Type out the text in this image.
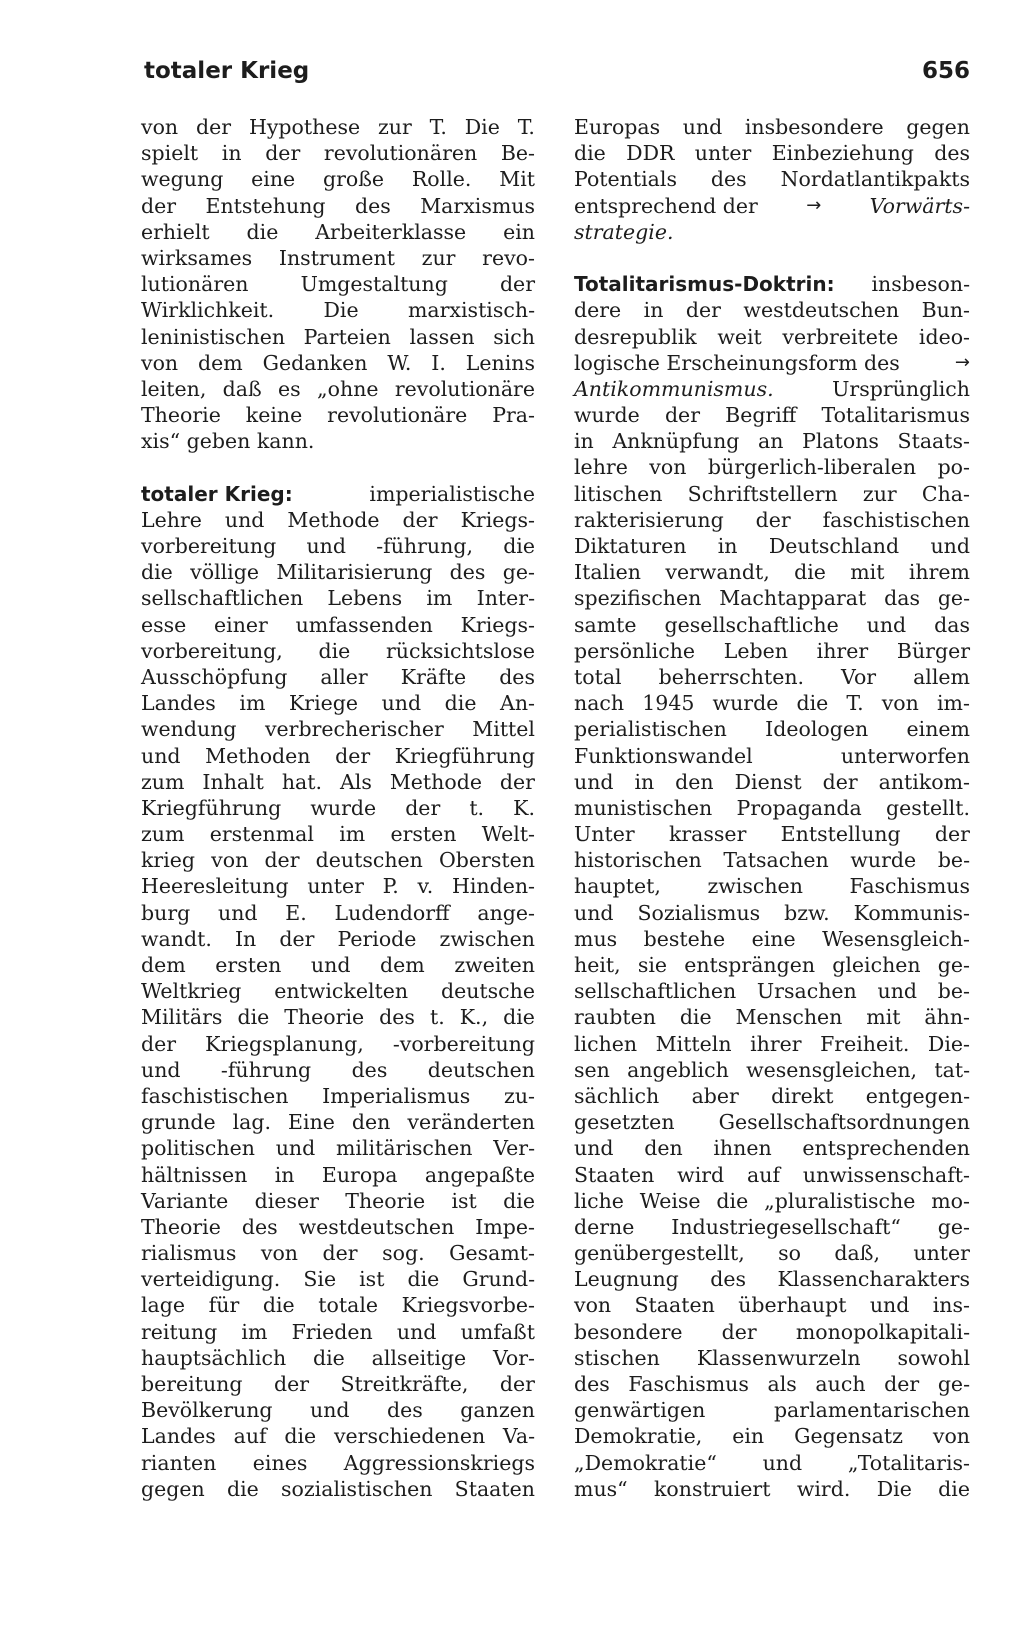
totaler Krieg	656
von der Hypothese zur T. Die T.
spielt in der revolutionären Be-
wegung eine große Rolle. Mit
der Entstehung des Marxismus
erhielt die Arbeiterklasse ein
wirksames Instrument zur revo-
lutionären	Umgestaltung	der
Wirklichkeit. Die marxistisch-
leninistischen Parteien lassen sich
von dem Gedanken W. I. Lenins
leiten, daß es „ohne revolutionäre
Theorie keine revolutionäre Pra-
xis“ geben kann.
totaler Krieg:	imperialistische
Lehre und Methode der Kriegs-
vorbereitung und -führung, die
die völlige Militarisierung des ge-
sellschaftlichen Lebens im Inter-
esse einer umfassenden Kriegs-
vorbereitung, die rücksichtslose
Ausschöpfung aller Kräfte des
Landes im Kriege und die An-
wendung verbrecherischer Mittel
und Methoden der Kriegführung
zum Inhalt hat. Als Methode der
Kriegführung wurde der t. K.
zum erstenmal im ersten Welt-
krieg von der deutschen Obersten
Heeresleitung unter P. v. Hinden-
burg und E. Ludendorff ange-
wandt. In der Periode zwischen
dem ersten und dem zweiten
Weltkrieg entwickelten deutsche
Militärs die Theorie des t. K., die
der Kriegsplanung, -vorbereitung
und -führung des deutschen
faschistischen Imperialismus zu-
grunde lag. Eine den veränderten
politischen und militärischen Ver-
hältnissen in Europa angepaßte
Variante dieser Theorie ist die
Theorie des westdeutschen Impe-
rialismus von der sog. Gesamt-
verteidigung. Sie ist die Grund-
lage für die totale Kriegsvorbe-
reitung im Frieden und umfaßt
hauptsächlich die allseitige Vor-
bereitung der Streitkräfte, der
Bevölkerung und des ganzen
Landes auf die verschiedenen Va-
rianten eines Aggressionskriegs
gegen die sozialistischen Staaten
Europas und insbesondere gegen
die DDR unter Einbeziehung des
Potentials des Nordatlantikpakts
entsprechend der	→ Vorwärts-
strategie.
Totalitarismus-Doktrin: insbeson-
dere in der westdeutschen Bun-
desrepublik weit verbreitete ideo-
logische Erscheinungsform des	→
Antikommunismus.	Ursprünglich
wurde der Begriff Totalitarismus
in Anknüpfung an Platons Staats-
lehre von bürgerlich-liberalen po-
litischen Schriftstellern zur Cha-
rakterisierung der faschistischen
Diktaturen in Deutschland und
Italien verwandt, die mit ihrem
spezifischen Machtapparat das ge-
samte gesellschaftliche und das
persönliche Leben ihrer Bürger
total beherrschten. Vor allem
nach 1945 wurde die T. von im-
perialistischen Ideologen einem
Funktionswandel	unterworfen
und in den Dienst der antikom-
munistischen Propaganda gestellt.
Unter krasser Entstellung der
historischen Tatsachen wurde be-
hauptet, zwischen Faschismus
und Sozialismus bzw. Kommunis-
mus bestehe eine Wesensgleich-
heit, sie entsprängen gleichen ge-
sellschaftlichen Ursachen und be-
raubten die Menschen mit ähn-
lichen Mitteln ihrer Freiheit. Die-
sen angeblich wesensgleichen, tat-
sächlich aber direkt entgegen-
gesetzten Gesellschaftsordnungen
und den ihnen entsprechenden
Staaten wird auf unwissenschaft-
liche Weise die „pluralistische mo-
derne Industriegesellschaft“ ge-
genübergestellt, so daß, unter
Leugnung des Klassencharakters
von Staaten überhaupt und ins-
besondere der monopolkapitali-
stischen Klassenwurzeln sowohl
des Faschismus als auch der ge-
genwärtigen	parlamentarischen
Demokratie, ein Gegensatz von
„Demokratie“ und „Totalitaris-
mus“ konstruiert wird. Die die
